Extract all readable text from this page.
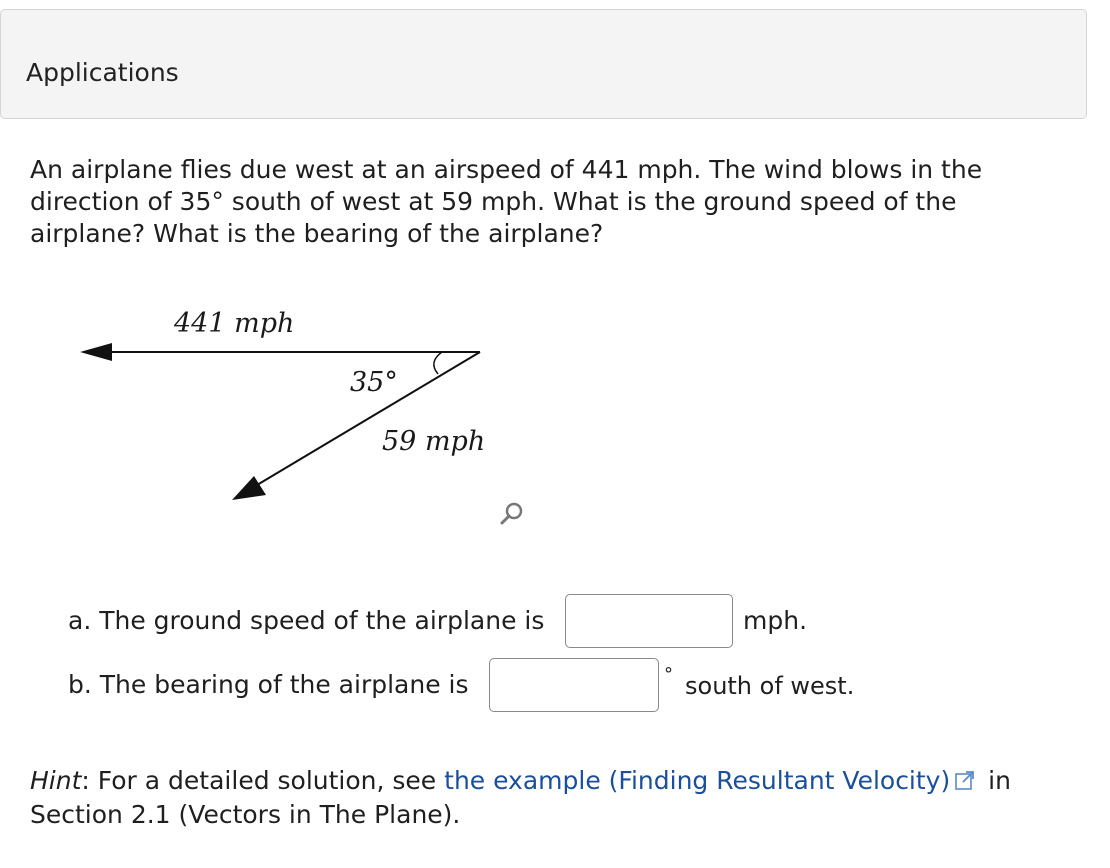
Applications
An airplane flies due west at an airspeed of 441 mph. The wind blows in the direction of 35° south of west at 59 mph. What is the ground speed of the airplane? What is the bearing of the airplane?
441 mph
35°
59 mph
a. The ground speed of the airplane is	mph.
b. The bearing of the airplane is	° south of west.
Hint: For a detailed solution, see the example (Finding Resultant Velocity) in Section 2.1 (Vectors in The Plane).
